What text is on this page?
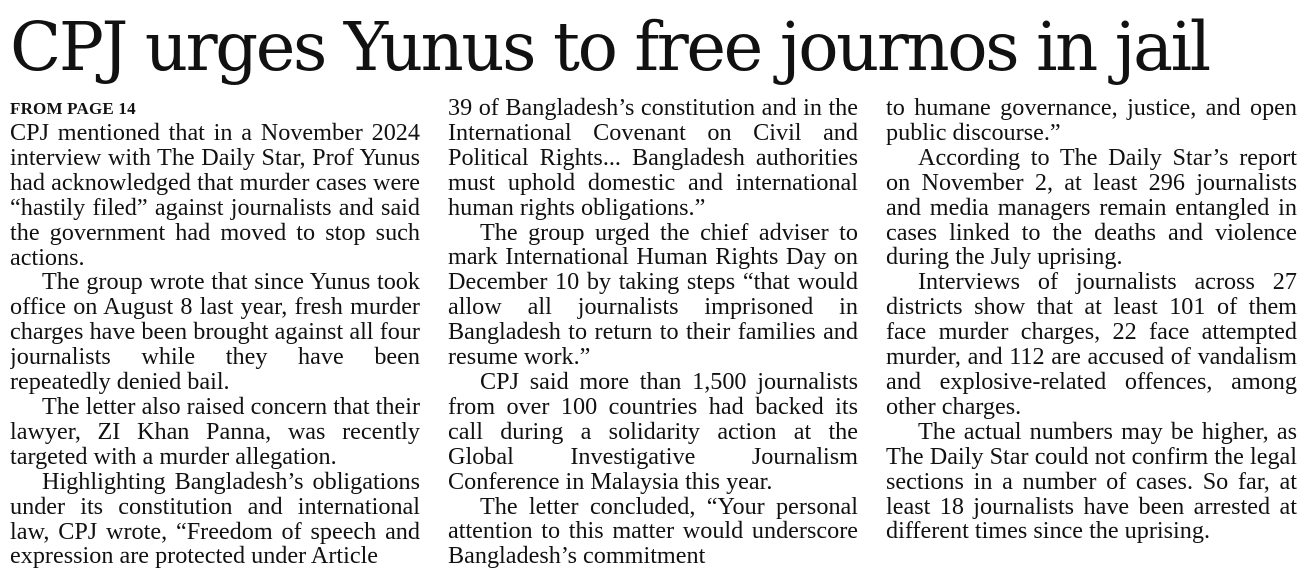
CPJ urges Yunus to free journos in jail
FROM PAGE 14

CPJ mentioned that in a November 2024 interview with The Daily Star, Prof Yunus had acknowledged that murder cases were “hastily filed” against journalists and said the government had moved to stop such actions.

The group wrote that since Yunus took office on August 8 last year, fresh murder charges have been brought against all four journalists while they have been repeatedly denied bail.

The letter also raised concern that their lawyer, ZI Khan Panna, was recently targeted with a murder allegation.

Highlighting Bangladesh’s obligations under its constitution and international law, CPJ wrote, “Freedom of speech and expression are protected under Article

39 of Bangladesh’s constitution and in the International Covenant on Civil and Political Rights... Bangladesh authorities must uphold domestic and international human rights obligations.”

The group urged the chief adviser to mark International Human Rights Day on December 10 by taking steps “that would allow all journalists imprisoned in Bangladesh to return to their families and resume work.”

CPJ said more than 1,500 journalists from over 100 countries had backed its call during a solidarity action at the Global Investigative Journalism Conference in Malaysia this year.

The letter concluded, “Your personal attention to this matter would underscore Bangladesh’s commitment

to humane governance, justice, and open public discourse.”

According to The Daily Star’s report on November 2, at least 296 journalists and media managers remain entangled in cases linked to the deaths and violence during the July uprising.

Interviews of journalists across 27 districts show that at least 101 of them face murder charges, 22 face attempted murder, and 112 are accused of vandalism and explosive-related offences, among other charges.

The actual numbers may be higher, as The Daily Star could not confirm the legal sections in a number of cases. So far, at least 18 journalists have been arrested at different times since the uprising.
